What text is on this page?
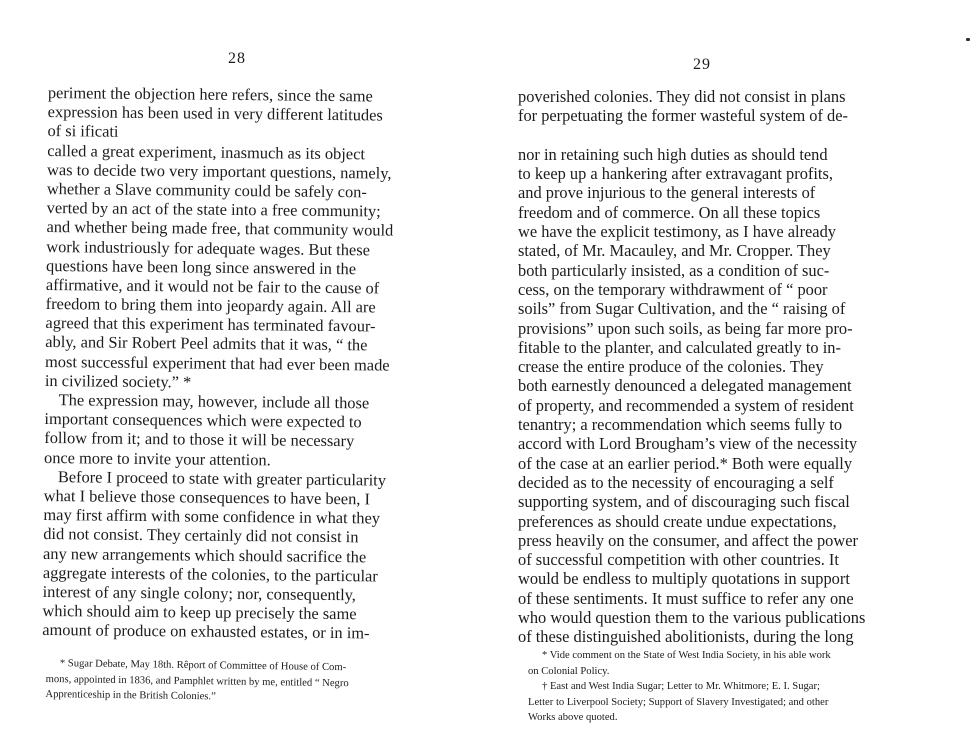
28
periment the objection here refers, since the same
expression has been used in very different latitudes
of si ificati
called a great experiment, inasmuch as its object
was to decide two very important questions, namely,
whether a Slave community could be safely con-
verted by an act of the state into a free community;
and whether being made free, that community would
work industriously for adequate wages. But these
questions have been long since answered in the
affirmative, and it would not be fair to the cause of
freedom to bring them into jeopardy again. All are
agreed that this experiment has terminated favour-
ably, and Sir Robert Peel admits that it was, “ the
most successful experiment that had ever been made
in civilized society.” *
The expression may, however, include all those
important consequences which were expected to
follow from it; and to those it will be necessary
once more to invite your attention.
Before I proceed to state with greater particularity
what I believe those consequences to have been, I
may first affirm with some confidence in what they
did not consist. They certainly did not consist in
any new arrangements which should sacrifice the
aggregate interests of the colonies, to the particular
interest of any single colony; nor, consequently,
which should aim to keep up precisely the same
amount of produce on exhausted estates, or in im-
* Sugar Debate, May 18th. Rȇport of Committee of House of Com-
mons, appointed in 1836, and Pamphlet written by me, entitled “ Negro
Apprenticeship in the British Colonies.”
29
poverished colonies. They did not consist in plans
for perpetuating the former wasteful system of de-
nor in retaining such high duties as should tend
to keep up a hankering after extravagant profits,
and prove injurious to the general interests of
freedom and of commerce. On all these topics
we have the explicit testimony, as I have already
stated, of Mr. Macauley, and Mr. Cropper. They
both particularly insisted, as a condition of suc-
cess, on the temporary withdrawment of “ poor
soils” from Sugar Cultivation, and the “ raising of
provisions” upon such soils, as being far more pro-
fitable to the planter, and calculated greatly to in-
crease the entire produce of the colonies. They
both earnestly denounced a delegated management
of property, and recommended a system of resident
tenantry; a recommendation which seems fully to
accord with Lord Brougham’s view of the necessity
of the case at an earlier period.* Both were equally
decided as to the necessity of encouraging a self
supporting system, and of discouraging such fiscal
preferences as should create undue expectations,
press heavily on the consumer, and affect the power
of successful competition with other countries. It
would be endless to multiply quotations in support
of these sentiments. It must suffice to refer any one
who would question them to the various publications
of these distinguished abolitionists, during the long
* Vide comment on the State of West India Society, in his able work
on Colonial Policy.
† East and West India Sugar; Letter to Mr. Whitmore; E. I. Sugar;
Letter to Liverpool Society; Support of Slavery Investigated; and other
Works above quoted.
